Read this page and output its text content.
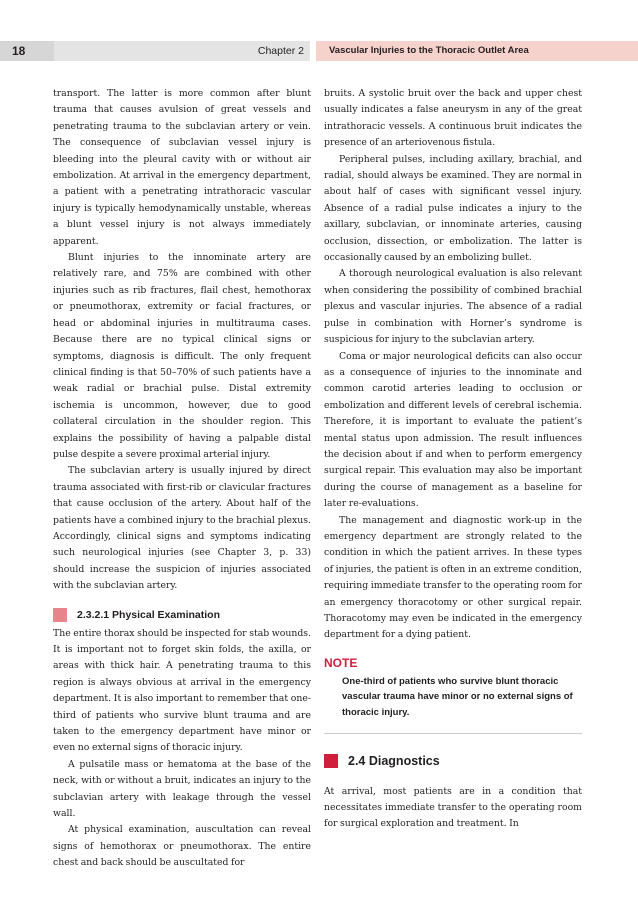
18	Chapter 2	Vascular Injuries to the Thoracic Outlet Area

transport. The latter is more common after blunt trauma that causes avulsion of great vessels and penetrating trauma to the subclavian artery or vein. The consequence of subclavian vessel injury is bleeding into the pleural cavity with or without air embolization. At arrival in the emergency department, a patient with a penetrating intrathoracic vascular injury is typically hemodynamically unstable, whereas a blunt vessel injury is not always immediately apparent.

Blunt injuries to the innominate artery are relatively rare, and 75% are combined with other injuries such as rib fractures, flail chest, hemothorax or pneumothorax, extremity or facial fractures, or head or abdominal injuries in multitrauma cases. Because there are no typical clinical signs or symptoms, diagnosis is difficult. The only frequent clinical finding is that 50–70% of such patients have a weak radial or brachial pulse. Distal extremity ischemia is uncommon, however, due to good collateral circulation in the shoulder region. This explains the possibility of having a palpable distal pulse despite a severe proximal arterial injury.

The subclavian artery is usually injured by direct trauma associated with first-rib or clavicular fractures that cause occlusion of the artery. About half of the patients have a combined injury to the brachial plexus. Accordingly, clinical signs and symptoms indicating such neurological injuries (see Chapter 3, p. 33) should increase the suspicion of injuries associated with the subclavian artery.

2.3.2.1 Physical Examination

The entire thorax should be inspected for stab wounds. It is important not to forget skin folds, the axilla, or areas with thick hair. A penetrating trauma to this region is always obvious at arrival in the emergency department. It is also important to remember that one-third of patients who survive blunt trauma and are taken to the emergency department have minor or even no external signs of thoracic injury.

A pulsatile mass or hematoma at the base of the neck, with or without a bruit, indicates an injury to the subclavian artery with leakage through the vessel wall.

At physical examination, auscultation can reveal signs of hemothorax or pneumothorax. The entire chest and back should be auscultated for

bruits. A systolic bruit over the back and upper chest usually indicates a false aneurysm in any of the great intrathoracic vessels. A continuous bruit indicates the presence of an arteriovenous fistula.

Peripheral pulses, including axillary, brachial, and radial, should always be examined. They are normal in about half of cases with significant vessel injury. Absence of a radial pulse indicates a injury to the axillary, subclavian, or innominate arteries, causing occlusion, dissection, or embolization. The latter is occasionally caused by an embolizing bullet.

A thorough neurological evaluation is also relevant when considering the possibility of combined brachial plexus and vascular injuries. The absence of a radial pulse in combination with Horner’s syndrome is suspicious for injury to the subclavian artery.

Coma or major neurological deficits can also occur as a consequence of injuries to the innominate and common carotid arteries leading to occlusion or embolization and different levels of cerebral ischemia. Therefore, it is important to evaluate the patient’s mental status upon admission. The result influences the decision about if and when to perform emergency surgical repair. This evaluation may also be important during the course of management as a baseline for later re-evaluations.

The management and diagnostic work-up in the emergency department are strongly related to the condition in which the patient arrives. In these types of injuries, the patient is often in an extreme condition, requiring immediate transfer to the operating room for an emergency thoracotomy or other surgical repair. Thoracotomy may even be indicated in the emergency department for a dying patient.

NOTE

One-third of patients who survive blunt thoracic vascular trauma have minor or no external signs of thoracic injury.

2.4 Diagnostics

At arrival, most patients are in a condition that necessitates immediate transfer to the operating room for surgical exploration and treatment. In
